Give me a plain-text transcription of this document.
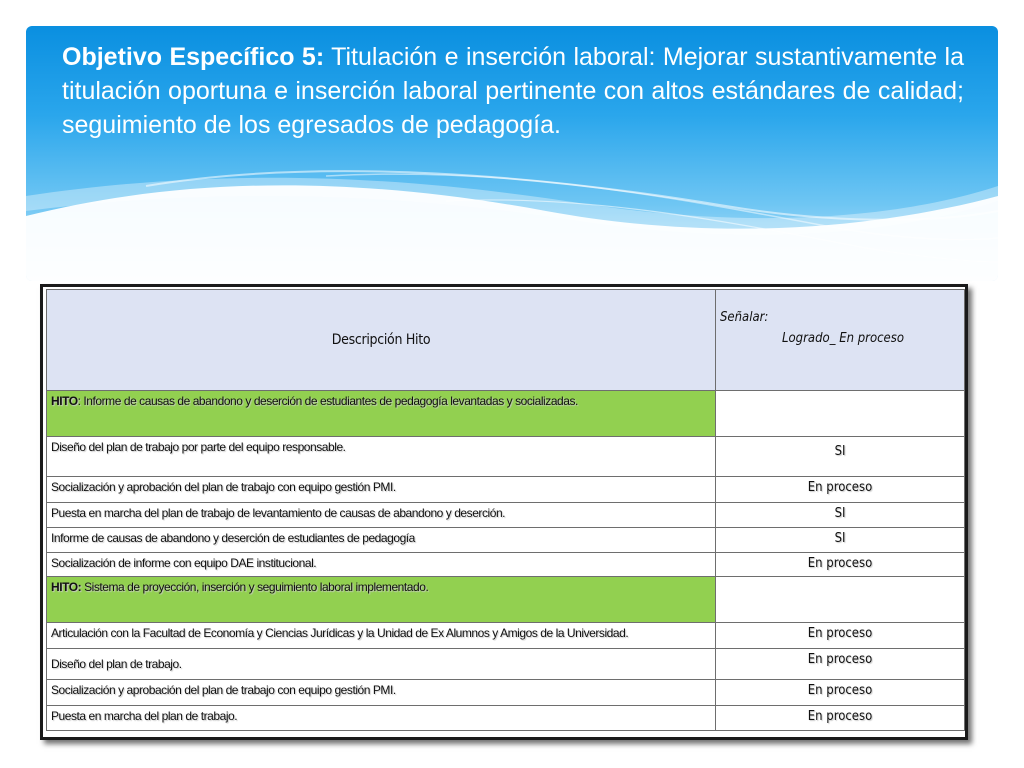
Objetivo Específico 5: Titulación e inserción laboral: Mejorar sustantivamente la titulación oportuna e inserción laboral pertinente con altos estándares de calidad; seguimiento de los egresados de pedagogía.
Descripción Hito	Señalar:
Logrado_ En proceso

HITO: Informe de causas de abandono y deserción de estudiantes de pedagogía levantadas y socializadas.	
Diseño del plan de trabajo por parte del equipo responsable.	SI
Socialización y aprobación del plan de trabajo con equipo gestión PMI.	En proceso
Puesta en marcha del plan de trabajo de levantamiento de causas de abandono y deserción.	SI
Informe de causas de abandono y deserción de estudiantes de pedagogía	SI
Socialización de informe con equipo DAE institucional.	En proceso
HITO: Sistema de proyección, inserción y seguimiento laboral implementado.	
Articulación con la Facultad de Economía y Ciencias Jurídicas y la Unidad de Ex Alumnos y Amigos de la Universidad.	En proceso
Diseño del plan de trabajo.	En proceso
Socialización y aprobación del plan de trabajo con equipo gestión PMI.	En proceso
Puesta en marcha del plan de trabajo.	En proceso
